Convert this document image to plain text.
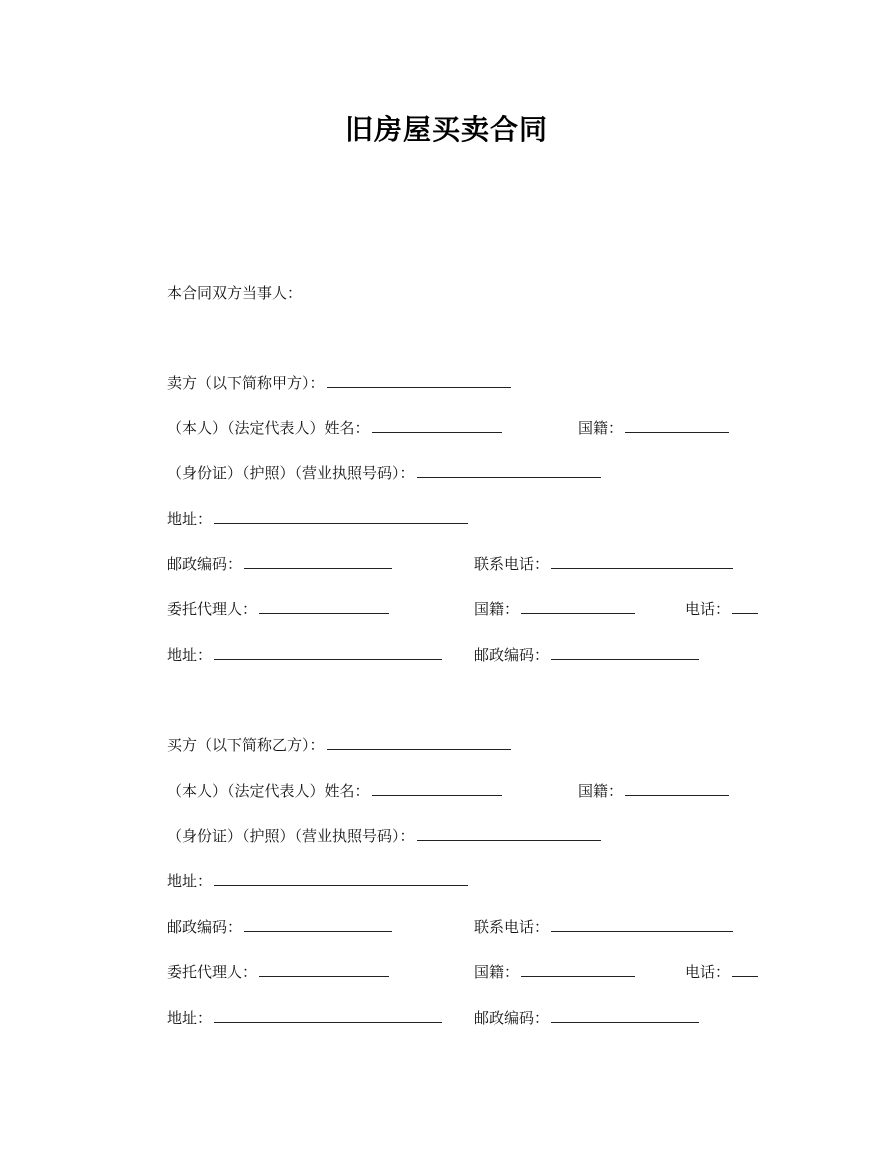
旧房屋买卖合同
本合同双方当事人：
卖方（以下简称甲方）：
（本人）（法定代表人）姓名：	国籍：
（身份证）（护照）（营业执照号码）：
地址：
邮政编码：	联系电话：
委托代理人：	国籍：	电话：
地址：	邮政编码：
买方（以下简称乙方）：
（本人）（法定代表人）姓名：	国籍：
（身份证）（护照）（营业执照号码）：
地址：
邮政编码：	联系电话：
委托代理人：	国籍：	电话：
地址：	邮政编码：
